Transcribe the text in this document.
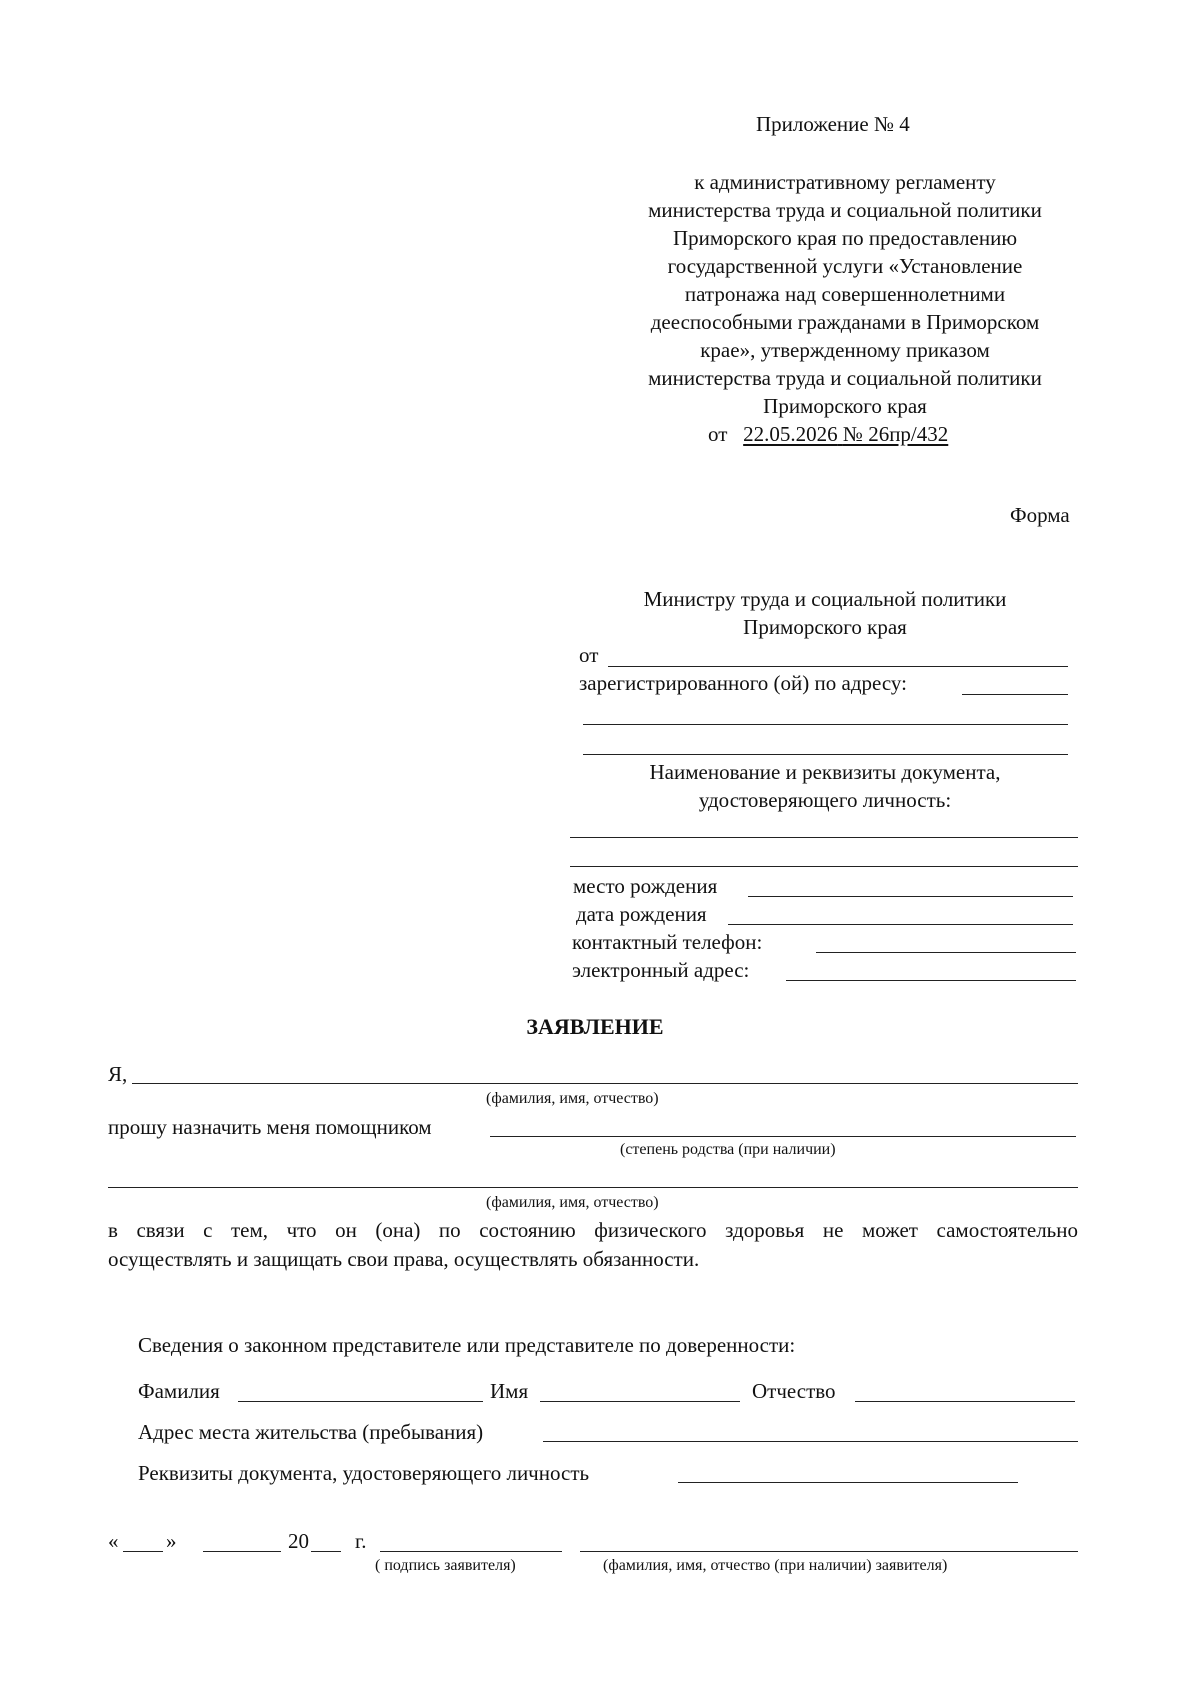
Приложение № 4
к административному регламенту
министерства труда и социальной политики
Приморского края по предоставлению
государственной услуги «Установление
патронажа над совершеннолетними
дееспособными гражданами в Приморском
крае», утвержденному приказом
министерства труда и социальной политики
Приморского края
от 22.05.2026 № 26пр/432
Форма
Министру труда и социальной политики
Приморского края
от
зарегистрированного (ой) по адресу:
Наименование и реквизиты документа,
удостоверяющего личность:
место рождения
дата рождения
контактный телефон:
электронный адрес:
ЗАЯВЛЕНИЕ
Я,
(фамилия, имя, отчество)
прошу назначить меня помощником
(степень родства (при наличии)
(фамилия, имя, отчество)
в связи с тем, что он (она) по состоянию физического здоровья не может самостоятельно
осуществлять и защищать свои права, осуществлять обязанности.
Сведения о законном представителе или представителе по доверенности:
Фамилия	Имя	Отчество
Адрес места жительства (пребывания)
Реквизиты документа, удостоверяющего личность
« »	20 г.
( подпись заявителя)	(фамилия, имя, отчество (при наличии) заявителя)
